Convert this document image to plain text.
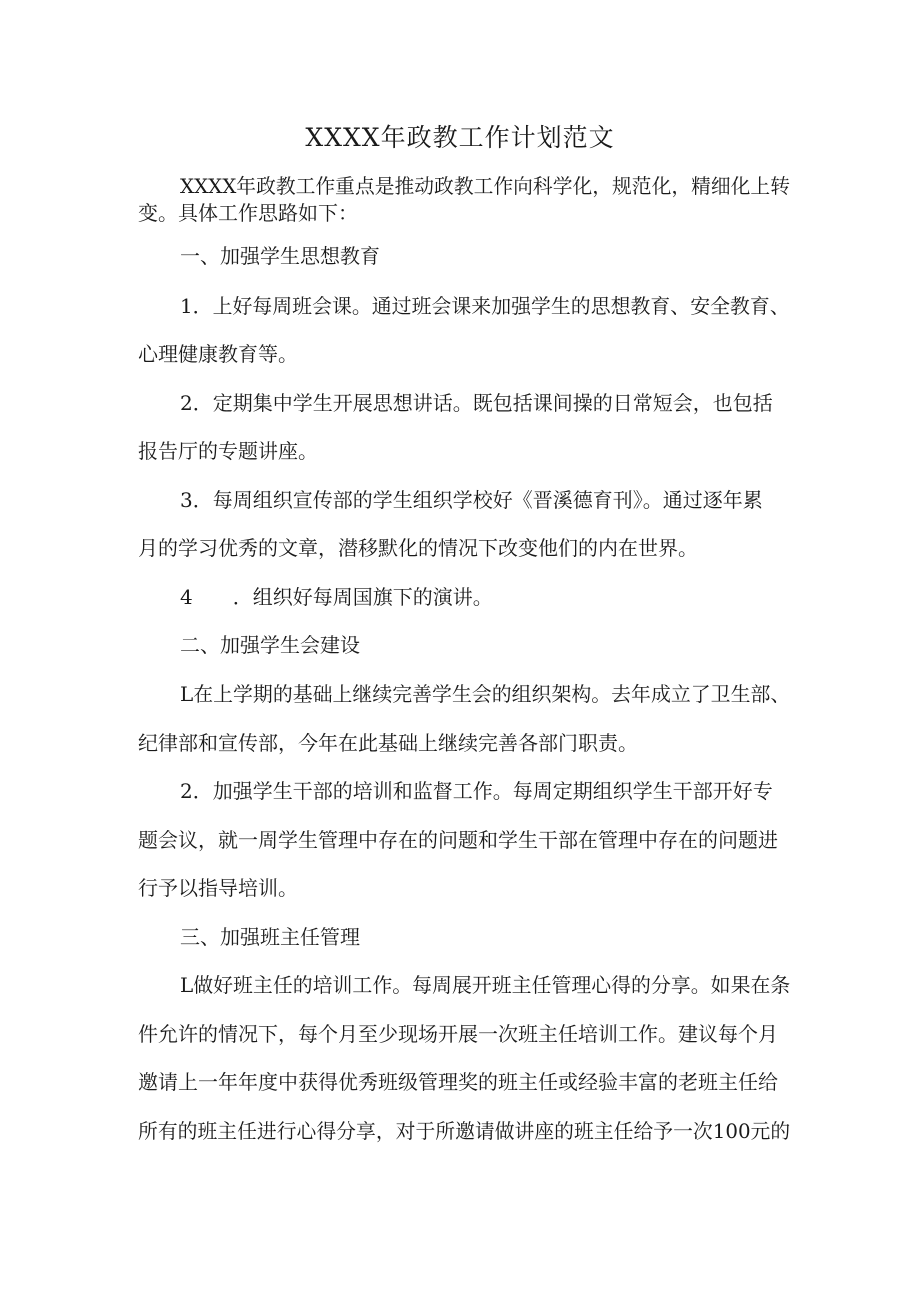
XXXX年政教工作计划范文
XXXX年政教工作重点是推动政教工作向科学化，规范化，精细化上转
变。具体工作思路如下：
一、加强学生思想教育
1．上好每周班会课。通过班会课来加强学生的思想教育、安全教育、
心理健康教育等。
2．定期集中学生开展思想讲话。既包括课间操的日常短会，也包括
报告厅的专题讲座。
3．每周组织宣传部的学生组织学校好《晋溪德育刊》。通过逐年累
月的学习优秀的文章，潜移默化的情况下改变他们的内在世界。
4　　．组织好每周国旗下的演讲。
二、加强学生会建设
L在上学期的基础上继续完善学生会的组织架构。去年成立了卫生部、
纪律部和宣传部，今年在此基础上继续完善各部门职责。
2．加强学生干部的培训和监督工作。每周定期组织学生干部开好专
题会议，就一周学生管理中存在的问题和学生干部在管理中存在的问题进
行予以指导培训。
三、加强班主任管理
L做好班主任的培训工作。每周展开班主任管理心得的分享。如果在条
件允许的情况下，每个月至少现场开展一次班主任培训工作。建议每个月
邀请上一年年度中获得优秀班级管理奖的班主任或经验丰富的老班主任给
所有的班主任进行心得分享，对于所邀请做讲座的班主任给予一次100元的
